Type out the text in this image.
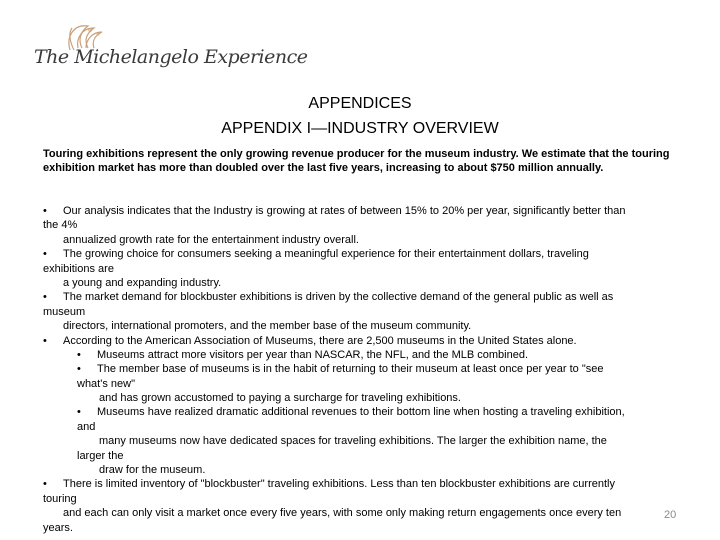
The Michelangelo Experience
APPENDICES
APPENDIX I—INDUSTRY OVERVIEW
Touring exhibitions represent the only growing revenue producer for the museum industry. We estimate that the touring exhibition market has more than doubled over the last five years, increasing to about $750 million annually.
• Our analysis indicates that the Industry is growing at rates of between 15% to 20% per year, significantly better than
the 4%
annualized growth rate for the entertainment industry overall.
• The growing choice for consumers seeking a meaningful experience for their entertainment dollars, traveling
exhibitions are
a young and expanding industry.
• The market demand for blockbuster exhibitions is driven by the collective demand of the general public as well as
museum
directors, international promoters, and the member base of the museum community.
• According to the American Association of Museums, there are 2,500 museums in the United States alone.
• Museums attract more visitors per year than NASCAR, the NFL, and the MLB combined.
• The member base of museums is in the habit of returning to their museum at least once per year to "see
what's new"
and has grown accustomed to paying a surcharge for traveling exhibitions.
• Museums have realized dramatic additional revenues to their bottom line when hosting a traveling exhibition,
and
many museums now have dedicated spaces for traveling exhibitions. The larger the exhibition name, the
larger the
draw for the museum.
• There is limited inventory of "blockbuster" traveling exhibitions. Less than ten blockbuster exhibitions are currently
touring
and each can only visit a market once every five years, with some only making return engagements once every ten
years.
20
